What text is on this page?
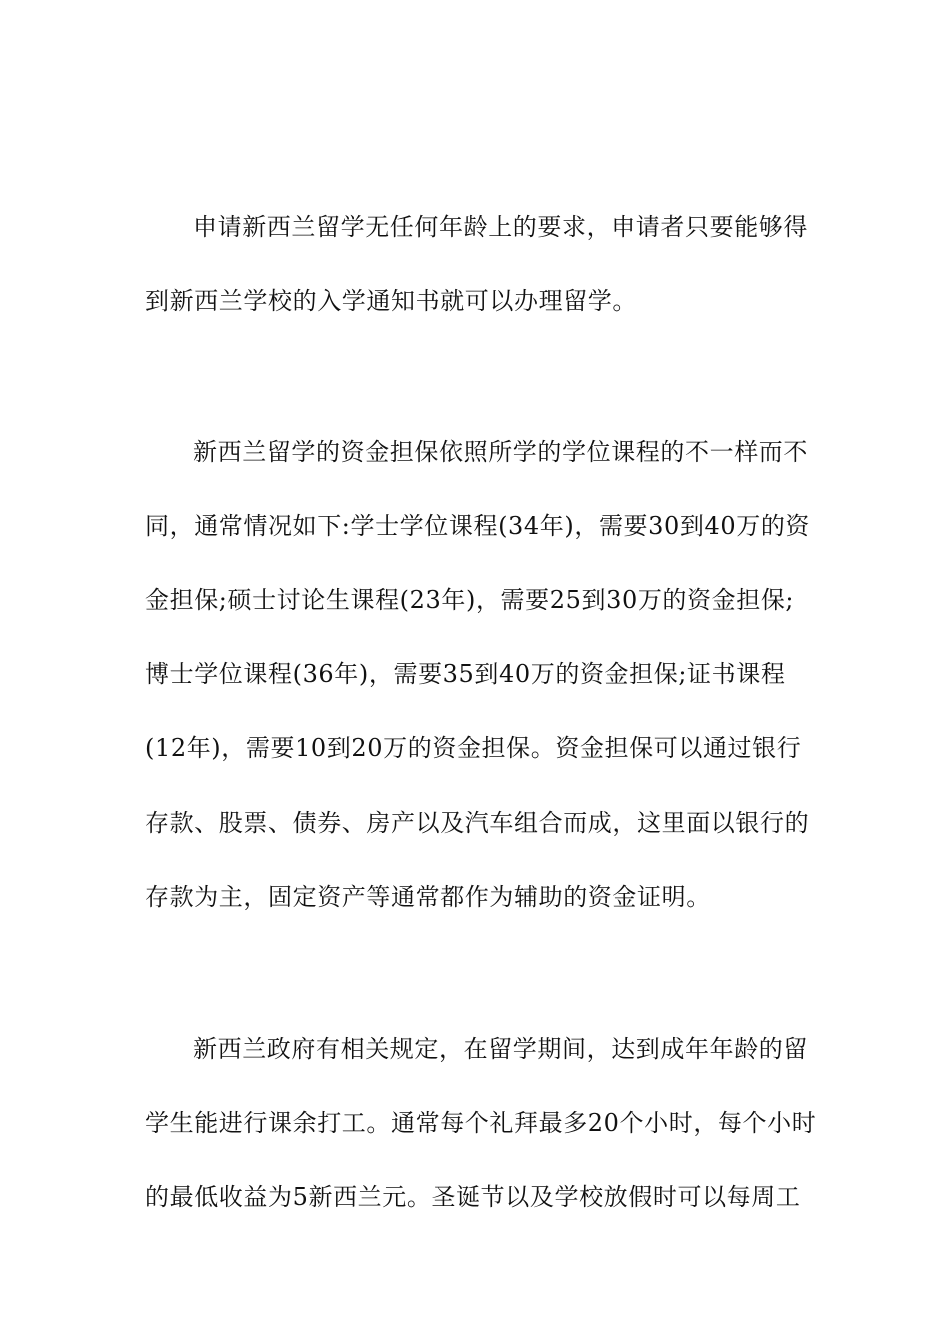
申请新西兰留学无任何年龄上的要求，申请者只要能够得
到新西兰学校的入学通知书就可以办理留学。
新西兰留学的资金担保依照所学的学位课程的不一样而不
同，通常情况如下:学士学位课程(34年)，需要30到40万的资
金担保;硕士讨论生课程(23年)，需要25到30万的资金担保;
博士学位课程(36年)，需要35到40万的资金担保;证书课程
(12年)，需要10到20万的资金担保。资金担保可以通过银行
存款、股票、债券、房产以及汽车组合而成，这里面以银行的
存款为主，固定资产等通常都作为辅助的资金证明。
新西兰政府有相关规定，在留学期间，达到成年年龄的留
学生能进行课余打工。通常每个礼拜最多20个小时，每个小时
的最低收益为5新西兰元。圣诞节以及学校放假时可以每周工
